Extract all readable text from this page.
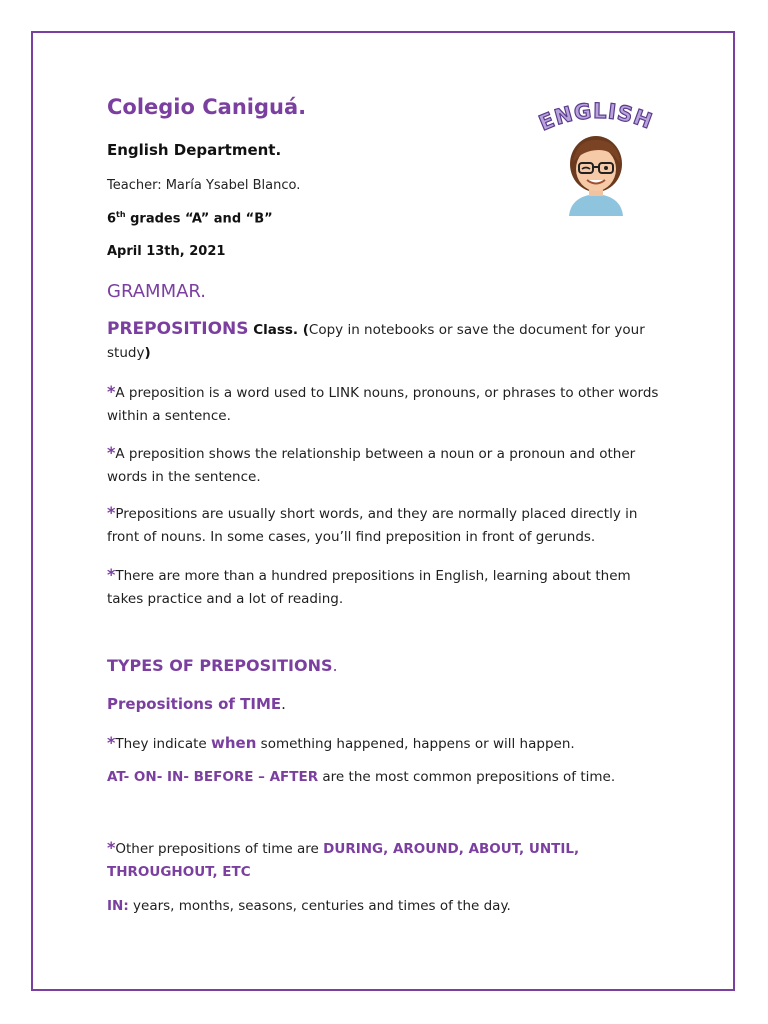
Colegio Caniguá.
English Department.
Teacher: María Ysabel Blanco.
6th grades “A” and “B”
April 13th, 2021
ENGLISH
GRAMMAR.
PREPOSITIONS Class. (Copy in notebooks or save the document for your study)
*A preposition is a word used to LINK nouns, pronouns, or phrases to other words within a sentence.
*A preposition shows the relationship between a noun or a pronoun and other words in the sentence.
*Prepositions are usually short words, and they are normally placed directly in front of nouns. In some cases, you’ll find preposition in front of gerunds.
*There are more than a hundred prepositions in English, learning about them takes practice and a lot of reading.
TYPES OF PREPOSITIONS.
Prepositions of TIME.
*They indicate when something happened, happens or will happen.
AT- ON- IN- BEFORE – AFTER are the most common prepositions of time.
*Other prepositions of time are DURING, AROUND, ABOUT, UNTIL, THROUGHOUT, ETC
IN: years, months, seasons, centuries and times of the day.
